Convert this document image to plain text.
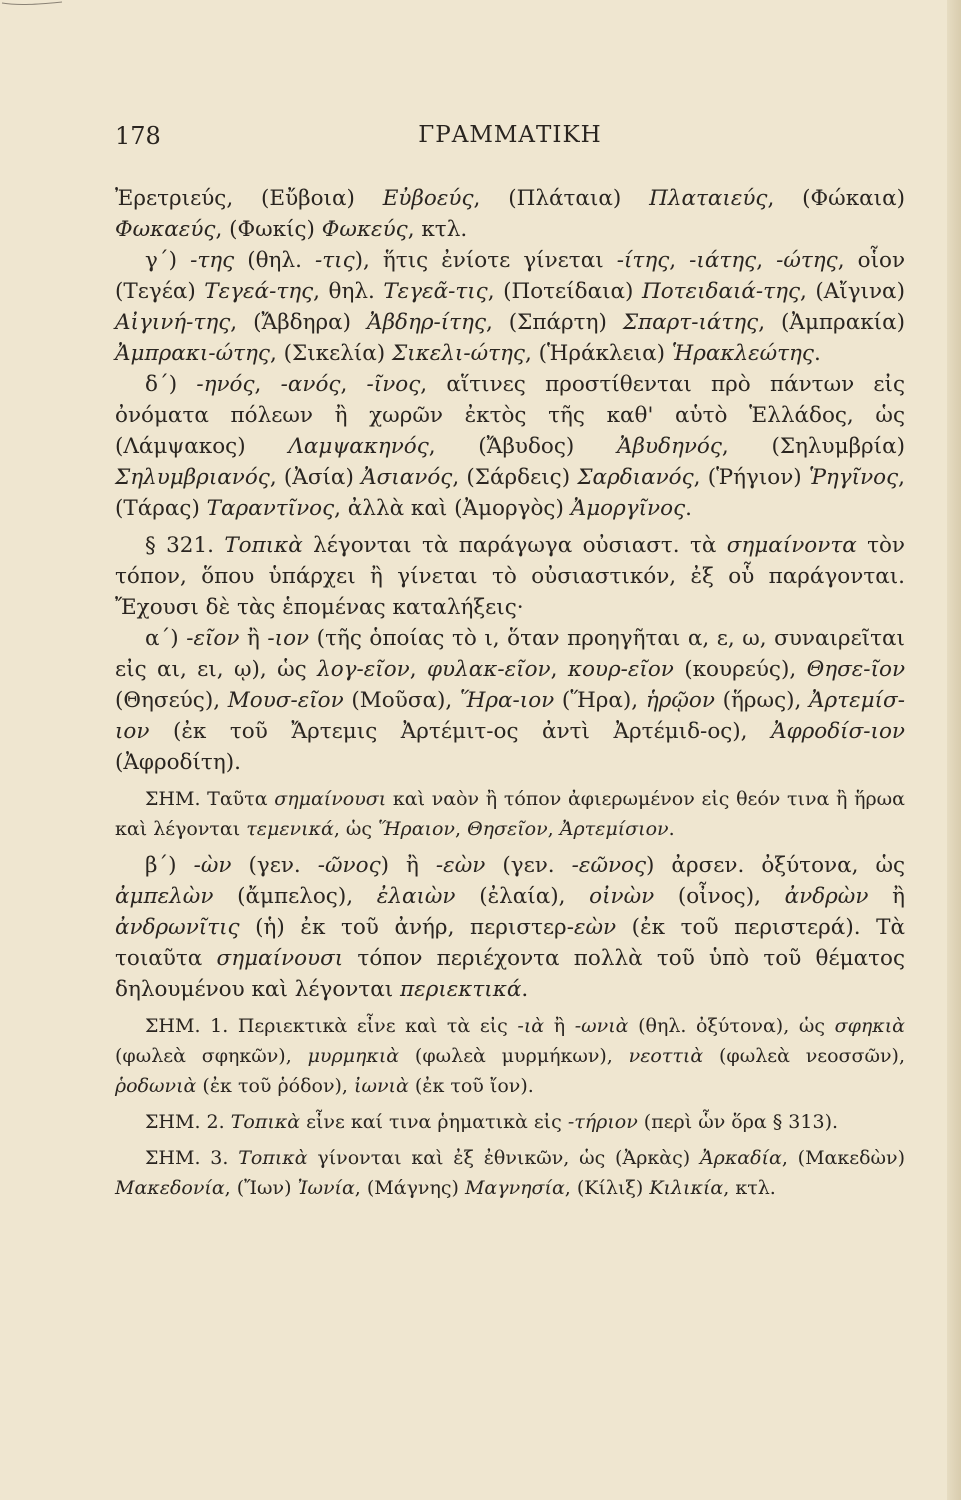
178	ΓΡΑΜΜΑΤΙΚΗ

Ἐρετριεύς, (Εὔβοια) Εὐβοεύς, (Πλάταια) Πλαταιεύς, (Φώκαια) Φωκαεύς, (Φωκίς) Φωκεύς, κτλ.

γ΄) -της (θηλ. -τις), ἥτις ἐνίοτε γίνεται -ίτης, -ιάτης, -ώτης, οἷον (Τεγέα) Τεγεά-της, θηλ. Τεγεᾶ-τις, (Ποτείδαια) Ποτειδαιά-της, (Αἴγινα) Αἰγινή-της, (Ἄβδηρα) Ἀβδηρ-ίτης, (Σπάρτη) Σπαρτ-ιάτης, (Ἀμπρακία) Ἀμπρακι-ώτης, (Σικελία) Σικελι-ώτης, (Ἡράκλεια) Ἡρακλεώτης.

δ΄) -ηνός, -ανός, -ῖνος, αἵτινες προστίθενται πρὸ πάντων εἰς ὀνόματα πόλεων ἢ χωρῶν ἐκτὸς τῆς καθ' αὑτὸ Ἑλλάδος, ὡς (Λάμψακος) Λαμψακηνός, (Ἄβυδος) Ἀβυδηνός, (Σηλυμβρία) Σηλυμβριανός, (Ἀσία) Ἀσιανός, (Σάρδεις) Σαρδιανός, (Ῥήγιον) Ῥηγῖνος, (Τάρας) Ταραντῖνος, ἀλλὰ καὶ (Ἀμοργὸς) Ἀμοργῖνος.

§ 321. Τοπικὰ λέγονται τὰ παράγωγα οὐσιαστ. τὰ σημαίνοντα τὸν τόπον, ὅπου ὑπάρχει ἢ γίνεται τὸ οὐσιαστικόν, ἐξ οὗ παράγονται. Ἔχουσι δὲ τὰς ἑπομένας καταλήξεις·

α΄) -εῖον ἢ -ιον (τῆς ὁποίας τὸ ι, ὅταν προηγῆται α, ε, ω, συναιρεῖται εἰς αι, ει, ῳ), ὡς λογ-εῖον, φυλακ-εῖον, κουρ-εῖον (κουρεύς), Θησε-ῖον (Θησεύς), Μουσ-εῖον (Μοῦσα), Ἥρα-ιον (Ἥρα), ἡρῷον (ἥρως), Ἀρτεμίσ-ιον (ἐκ τοῦ Ἄρτεμις Ἀρτέμιτ-ος ἀντὶ Ἀρτέμιδ-ος), Ἀφροδίσ-ιον (Ἀφροδίτη).

ΣΗΜ. Ταῦτα σημαίνουσι καὶ ναὸν ἢ τόπον ἀφιερωμένον εἰς θεόν τινα ἢ ἥρωα καὶ λέγονται τεμενικά, ὡς Ἥραιον, Θησεῖον, Ἀρτεμίσιον.

β΄) -ὼν (γεν. -ῶνος) ἢ -εὼν (γεν. -εῶνος) ἀρσεν. ὀξύτονα, ὡς ἀμπελὼν (ἄμπελος), ἐλαιὼν (ἐλαία), οἰνὼν (οἶνος), ἀνδρὼν ἢ ἀνδρωνῖτις (ἡ) ἐκ τοῦ ἀνήρ, περιστερ-εὼν (ἐκ τοῦ περιστερά). Τὰ τοιαῦτα σημαίνουσι τόπον περιέχοντα πολλὰ τοῦ ὑπὸ τοῦ θέματος δηλουμένου καὶ λέγονται περιεκτικά.

ΣΗΜ. 1. Περιεκτικὰ εἶνε καὶ τὰ εἰς -ιὰ ἢ -ωνιὰ (θηλ. ὀξύτονα), ὡς σφηκιὰ (φωλεὰ σφηκῶν), μυρμηκιὰ (φωλεὰ μυρμήκων), νεοττιὰ (φωλεὰ νεοσσῶν), ῥοδωνιὰ (ἐκ τοῦ ῥόδον), ἰωνιὰ (ἐκ τοῦ ἴον).

ΣΗΜ. 2. Τοπικὰ εἶνε καί τινα ῥηματικὰ εἰς -τήριον (περὶ ὧν ὅρα § 313).

ΣΗΜ. 3. Τοπικὰ γίνονται καὶ ἐξ ἐθνικῶν, ὡς (Ἀρκὰς) Ἀρκαδία, (Μακεδὼν) Μακεδονία, (Ἴων) Ἰωνία, (Μάγνης) Μαγνησία, (Κίλιξ) Κιλικία, κτλ.
